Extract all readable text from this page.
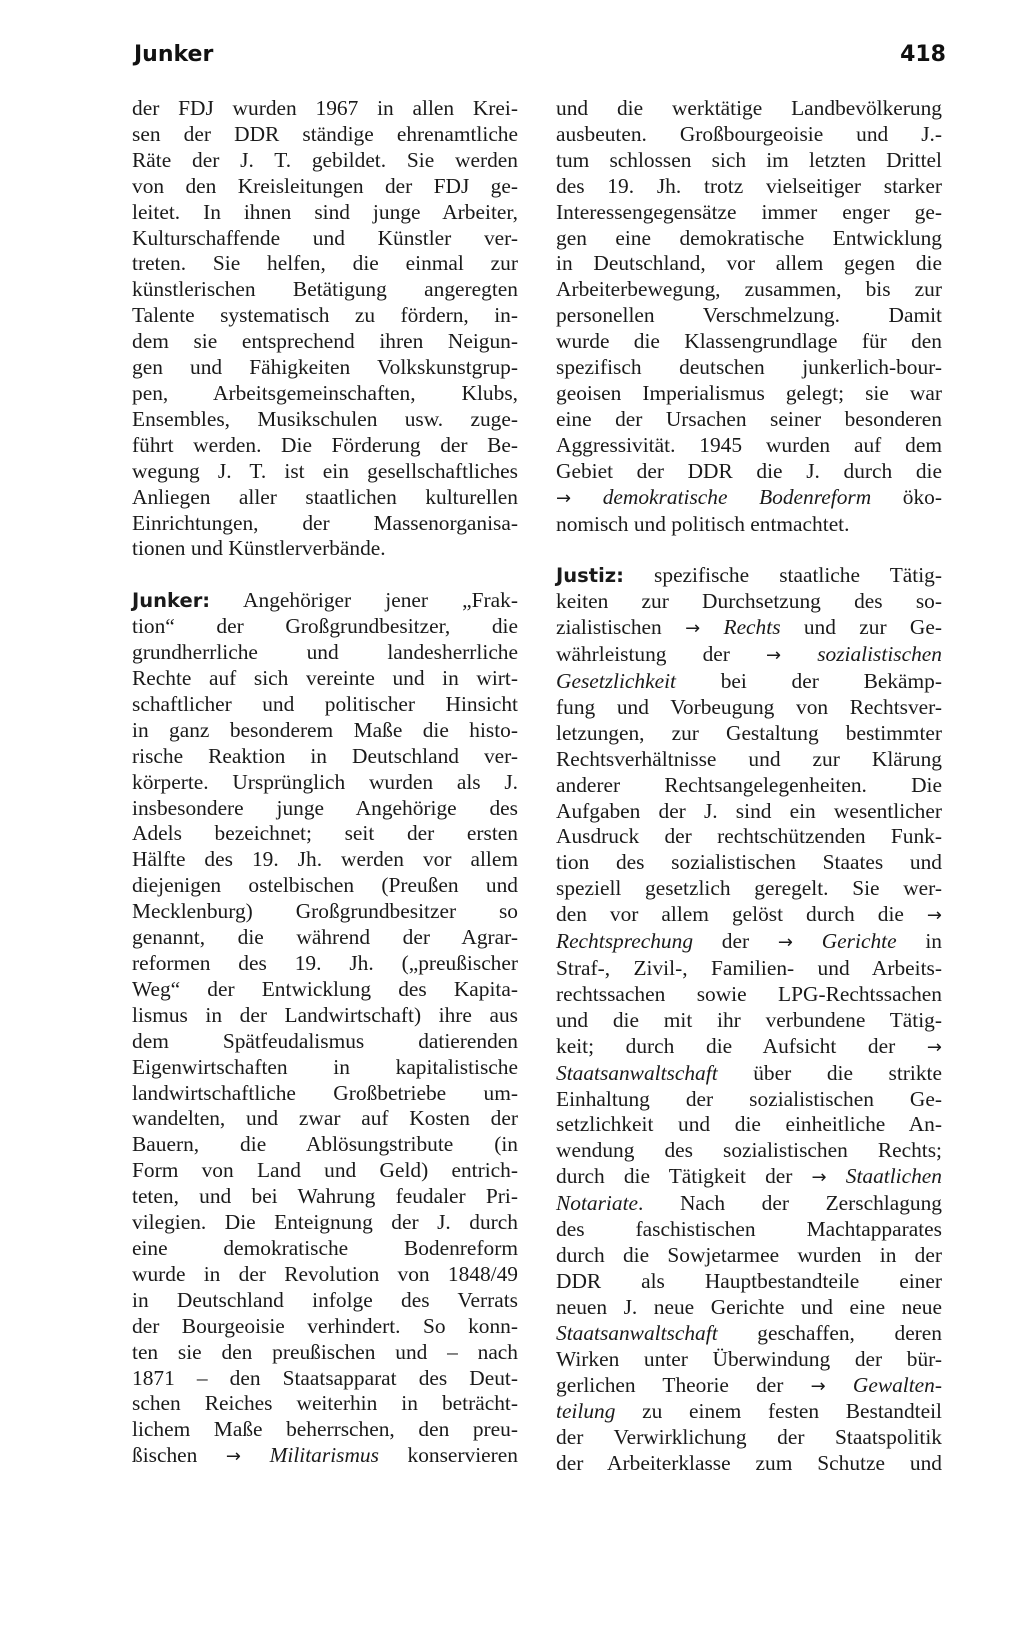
Junker	418
der FDJ wurden 1967 in allen Krei-
sen der DDR ständige ehrenamtliche
Räte der J. T. gebildet. Sie werden
von den Kreisleitungen der FDJ ge-
leitet. In ihnen sind junge Arbeiter,
Kulturschaffende und Künstler ver-
treten. Sie helfen, die einmal zur
künstlerischen Betätigung angeregten
Talente systematisch zu fördern, in-
dem sie entsprechend ihren Neigun-
gen und Fähigkeiten Volkskunstgrup-
pen, Arbeitsgemeinschaften, Klubs,
Ensembles, Musikschulen usw. zuge-
führt werden. Die Förderung der Be-
wegung J. T. ist ein gesellschaftliches
Anliegen aller staatlichen kulturellen
Einrichtungen, der Massenorganisa-
tionen und Künstlerverbände.
Junker: Angehöriger jener „Frak-
tion“ der Großgrundbesitzer, die
grundherrliche und landesherrliche
Rechte auf sich vereinte und in wirt-
schaftlicher und politischer Hinsicht
in ganz besonderem Maße die histo-
rische Reaktion in Deutschland ver-
körperte. Ursprünglich wurden als J.
insbesondere junge Angehörige des
Adels bezeichnet; seit der ersten
Hälfte des 19. Jh. werden vor allem
diejenigen ostelbischen (Preußen und
Mecklenburg) Großgrundbesitzer so
genannt, die während der Agrar-
reformen des 19. Jh. („preußischer
Weg“ der Entwicklung des Kapita-
lismus in der Landwirtschaft) ihre aus
dem Spätfeudalismus datierenden
Eigenwirtschaften in kapitalistische
landwirtschaftliche Großbetriebe um-
wandelten, und zwar auf Kosten der
Bauern, die Ablösungstribute (in
Form von Land und Geld) entrich-
teten, und bei Wahrung feudaler Pri-
vilegien. Die Enteignung der J. durch
eine demokratische Bodenreform
wurde in der Revolution von 1848/49
in Deutschland infolge des Verrats
der Bourgeoisie verhindert. So konn-
ten sie den preußischen und – nach
1871 – den Staatsapparat des Deut-
schen Reiches weiterhin in beträcht-
lichem Maße beherrschen, den preu-
ßischen → Militarismus konservieren
und die werktätige Landbevölkerung
ausbeuten. Großbourgeoisie und J.-
tum schlossen sich im letzten Drittel
des 19. Jh. trotz vielseitiger starker
Interessengegensätze immer enger ge-
gen eine demokratische Entwicklung
in Deutschland, vor allem gegen die
Arbeiterbewegung, zusammen, bis zur
personellen Verschmelzung. Damit
wurde die Klassengrundlage für den
spezifisch deutschen junkerlich-bour-
geoisen Imperialismus gelegt; sie war
eine der Ursachen seiner besonderen
Aggressivität. 1945 wurden auf dem
Gebiet der DDR die J. durch die
→ demokratische Bodenreform öko-
nomisch und politisch entmachtet.
Justiz: spezifische staatliche Tätig-
keiten zur Durchsetzung des so-
zialistischen → Rechts und zur Ge-
währleistung der → sozialistischen
Gesetzlichkeit bei der Bekämp-
fung und Vorbeugung von Rechtsver-
letzungen, zur Gestaltung bestimmter
Rechtsverhältnisse und zur Klärung
anderer Rechtsangelegenheiten. Die
Aufgaben der J. sind ein wesentlicher
Ausdruck der rechtschützenden Funk-
tion des sozialistischen Staates und
speziell gesetzlich geregelt. Sie wer-
den vor allem gelöst durch die →
Rechtsprechung der → Gerichte in
Straf-, Zivil-, Familien- und Arbeits-
rechtssachen sowie LPG-Rechtssachen
und die mit ihr verbundene Tätig-
keit; durch die Aufsicht der →
Staatsanwaltschaft über die strikte
Einhaltung der sozialistischen Ge-
setzlichkeit und die einheitliche An-
wendung des sozialistischen Rechts;
durch die Tätigkeit der → Staatlichen
Notariate. Nach der Zerschlagung
des faschistischen Machtapparates
durch die Sowjetarmee wurden in der
DDR als Hauptbestandteile einer
neuen J. neue Gerichte und eine neue
Staatsanwaltschaft geschaffen, deren
Wirken unter Überwindung der bür-
gerlichen Theorie der → Gewalten-
teilung zu einem festen Bestandteil
der Verwirklichung der Staatspolitik
der Arbeiterklasse zum Schutze und
